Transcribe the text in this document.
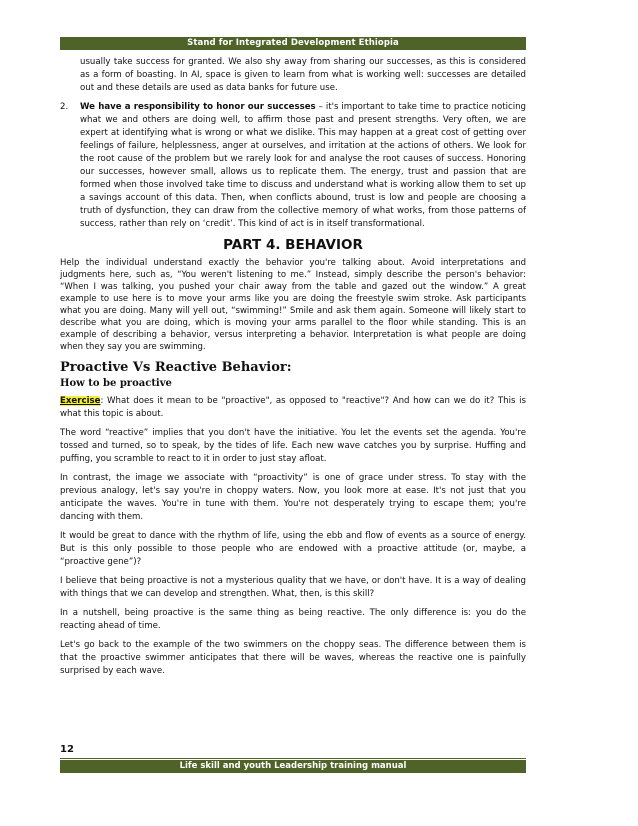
Stand for Integrated Development Ethiopia

usually take success for granted. We also shy away from sharing our successes, as this is considered as a form of boasting. In AI, space is given to learn from what is working well: successes are detailed out and these details are used as data banks for future use.

2. We have a responsibility to honor our successes – it's important to take time to practice noticing what we and others are doing well, to affirm those past and present strengths. Very often, we are expert at identifying what is wrong or what we dislike. This may happen at a great cost of getting over feelings of failure, helplessness, anger at ourselves, and irritation at the actions of others. We look for the root cause of the problem but we rarely look for and analyse the root causes of success. Honoring our successes, however small, allows us to replicate them. The energy, trust and passion that are formed when those involved take time to discuss and understand what is working allow them to set up a savings account of this data. Then, when conflicts abound, trust is low and people are choosing a truth of dysfunction, they can draw from the collective memory of what works, from those patterns of success, rather than rely on ‘credit’. This kind of act is in itself transformational.
PART 4. BEHAVIOR

Help the individual understand exactly the behavior you're talking about. Avoid interpretations and judgments here, such as, “You weren't listening to me.” Instead, simply describe the person's behavior: “When I was talking, you pushed your chair away from the table and gazed out the window.” A great example to use here is to move your arms like you are doing the freestyle swim stroke. Ask participants what you are doing. Many will yell out, “swimming!” Smile and ask them again. Someone will likely start to describe what you are doing, which is moving your arms parallel to the floor while standing. This is an example of describing a behavior, versus interpreting a behavior. Interpretation is what people are doing when they say you are swimming.

Proactive Vs Reactive Behavior:
How to be proactive

Exercise: What does it mean to be "proactive", as opposed to "reactive"? And how can we do it? This is what this topic is about.

The word “reactive” implies that you don't have the initiative. You let the events set the agenda. You're tossed and turned, so to speak, by the tides of life. Each new wave catches you by surprise. Huffing and puffing, you scramble to react to it in order to just stay afloat.

In contrast, the image we associate with “proactivity” is one of grace under stress. To stay with the previous analogy, let's say you're in choppy waters. Now, you look more at ease. It's not just that you anticipate the waves. You're in tune with them. You're not desperately trying to escape them; you're dancing with them.

It would be great to dance with the rhythm of life, using the ebb and flow of events as a source of energy. But is this only possible to those people who are endowed with a proactive attitude (or, maybe, a “proactive gene”)?

I believe that being proactive is not a mysterious quality that we have, or don't have. It is a way of dealing with things that we can develop and strengthen. What, then, is this skill?

In a nutshell, being proactive is the same thing as being reactive. The only difference is: you do the reacting ahead of time.

Let's go back to the example of the two swimmers on the choppy seas. The difference between them is that the proactive swimmer anticipates that there will be waves, whereas the reactive one is painfully surprised by each wave.

12
Life skill and youth Leadership training manual
